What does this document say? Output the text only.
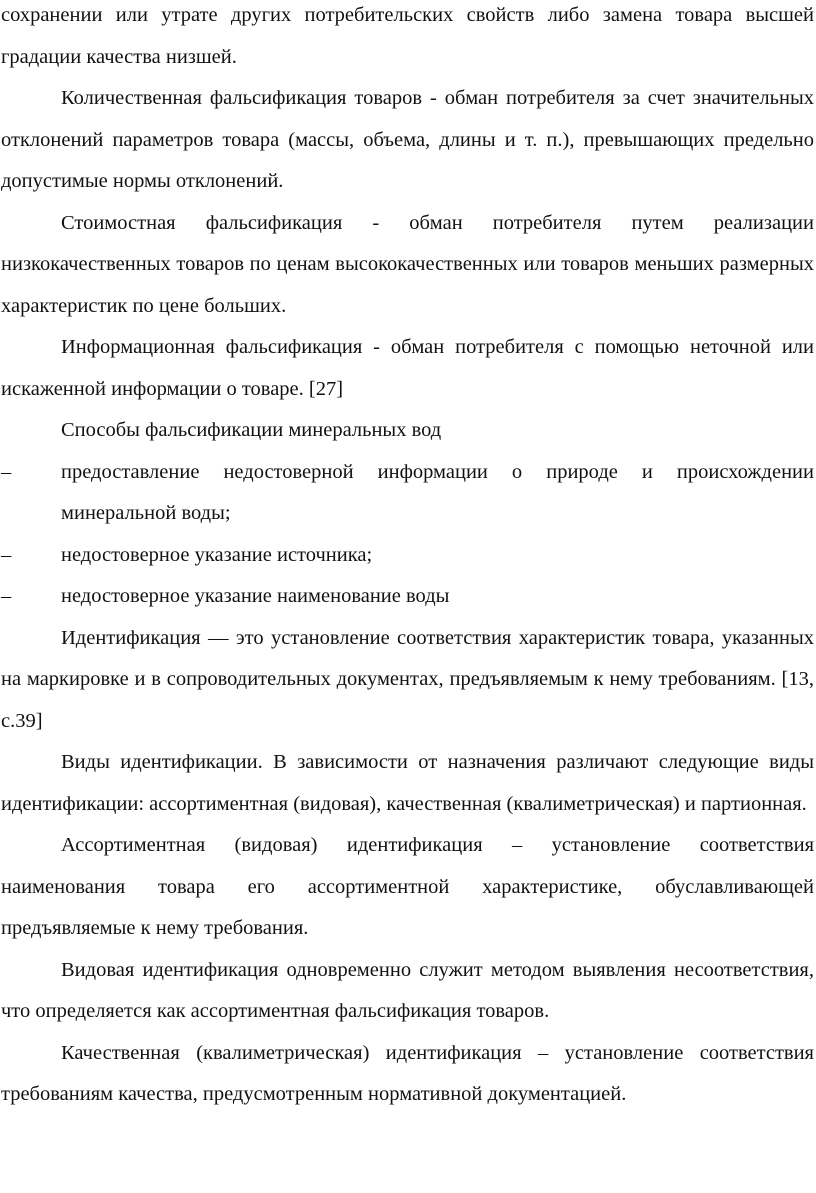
сохранении или утрате других потребительских свойств либо замена товара высшей градации качества низшей.

Количественная фальсификация товаров - обман потребителя за счет значительных отклонений параметров товара (массы, объема, длины и т. п.), превышающих предельно допустимые нормы отклонений.

Стоимостная фальсификация - обман потребителя путем реализации низкокачественных товаров по ценам высококачественных или товаров меньших размерных характеристик по цене больших.

Информационная фальсификация - обман потребителя с помощью неточной или искаженной информации о товаре. [27]

Способы фальсификации минеральных вод

– предоставление недостоверной информации о природе и происхождении минеральной воды;
– недостоверное указание источника;
– недостоверное указание наименование воды

Идентификация — это установление соответствия характеристик товара, указанных на маркировке и в сопроводительных документах, предъявляемым к нему требованиям. [13, с.39]

Виды идентификации. В зависимости от назначения различают следующие виды идентификации: ассортиментная (видовая), качественная (квалиметрическая) и партионная.

Ассортиментная (видовая) идентификация – установление соответствия наименования товара его ассортиментной характеристике, обуславливающей предъявляемые к нему требования.

Видовая идентификация одновременно служит методом выявления несоответствия, что определяется как ассортиментная фальсификация товаров.

Качественная (квалиметрическая) идентификация – установление соответствия требованиям качества, предусмотренным нормативной документацией.
